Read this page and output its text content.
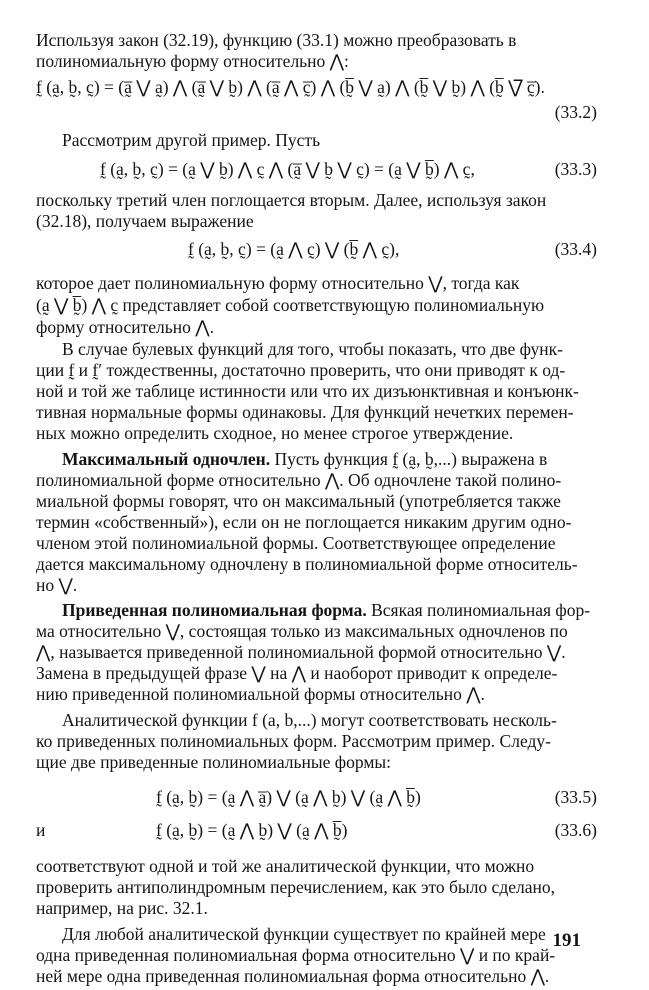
Используя закон (32.19), функцию (33.1) можно преобразовать в
полиномиальную форму относительно ⋀:
f̰ (a̰, b̰, c̰) = (a̰̅ ⋁ a̰) ⋀ (a̰̅ ⋁ b̰) ⋀ (a̰̅ ⋀ c̰̅) ⋀ (b̰̅ ⋁ a̰) ⋀ (b̰̅ ⋁ b̰) ⋀ (b̰̅ ⋁̅ c̰̅).
(33.2)
Рассмотрим другой пример. Пусть
f̰ (a̰, b̰, c̰) = (a̰ ⋁ b̰) ⋀ c̰ ⋀ (a̰̅ ⋁ b̰ ⋁ c̰) = (a̰ ⋁ b̰̅) ⋀ c̰,	(33.3)
поскольку третий член поглощается вторым. Далее, используя закон
(32.18), получаем выражение
f̰ (a̰, b̰, c̰) = (a̰ ⋀ c̰) ⋁ (b̰̅ ⋀ c̰),	(33.4)
которое дает полиномиальную форму относительно ⋁, тогда как
(a̰ ⋁ b̰̅) ⋀ c̰ представляет собой соответствующую полиномиальную
форму относительно ⋀.
В случае булевых функций для того, чтобы показать, что две функ-
ции f̰ и f̰′ тождественны, достаточно проверить, что они приводят к од-
ной и той же таблице истинности или что их дизъюнктивная и конъюнк-
тивная нормальные формы одинаковы. Для функций нечетких перемен-
ных можно определить сходное, но менее строгое утверждение.
Максимальный одночлен. Пусть функция f̰ (a̰, b̰,...) выражена в
полиномиальной форме относительно ⋀. Об одночлене такой полино-
миальной формы говорят, что он максимальный (употребляется также
термин «собственный»), если он не поглощается никаким другим одно-
членом этой полиномиальной формы. Соответствующее определение
дается максимальному одночлену в полиномиальной форме относитель-
но ⋁.
Приведенная полиномиальная форма. Всякая полиномиальная фор-
ма относительно ⋁, состоящая только из максимальных одночленов по
⋀, называется приведенной полиномиальной формой относительно ⋁.
Замена в предыдущей фразе ⋁ на ⋀ и наоборот приводит к определе-
нию приведенной полиномиальной формы относительно ⋀.
Аналитической функции f (a, b,...) могут соответствовать несколь-
ко приведенных полиномиальных форм. Рассмотрим пример. Следу-
щие две приведенные полиномиальные формы:
f̰ (a̰, b̰) = (a̰ ⋀ a̰̅) ⋁ (a̰ ⋀ b̰) ⋁ (a̰ ⋀ b̰̅)	(33.5)
и	f̰ (a̰, b̰) = (a̰ ⋀ b̰) ⋁ (a̰ ⋀ b̰̅)	(33.6)
соответствуют одной и той же аналитической функции, что можно
проверить антиполиндромным перечислением, как это было сделано,
например, на рис. 32.1.
Для любой аналитической функции существует по крайней мере
одна приведенная полиномиальная форма относительно ⋁ и по край-
ней мере одна приведенная полиномиальная форма относительно ⋀.
191
